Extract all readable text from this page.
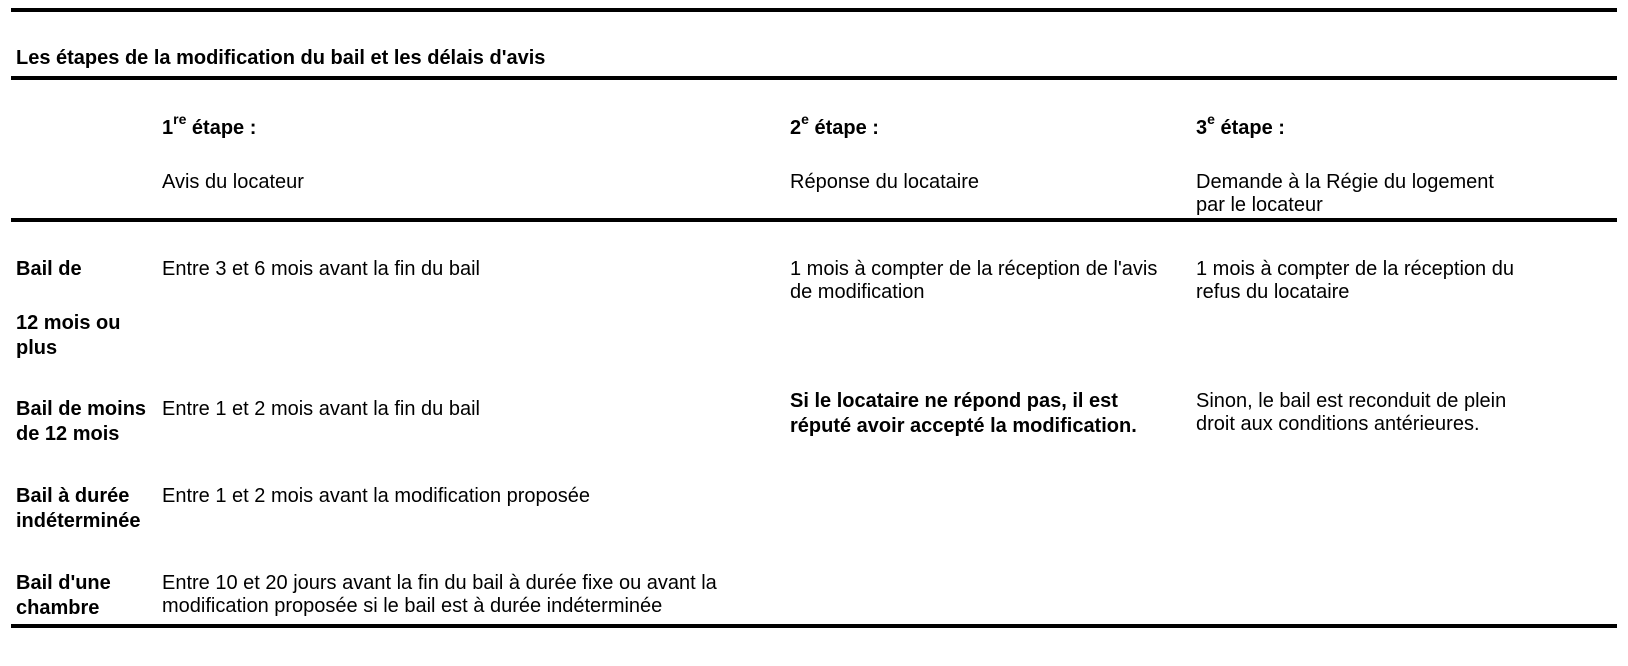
Les étapes de la modification du bail et les délais d'avis
1re étape :
Avis du locateur
2e étape :
Réponse du locataire
3e étape :
Demande à la Régie du logement
par le locateur
Bail de
12 mois ou
plus
Entre 3 et 6 mois avant la fin du bail	1 mois à compter de la réception de l'avis
de modification
1 mois à compter de la réception du
refus du locataire
Bail de moins
de 12 mois
Entre 1 et 2 mois avant la fin du bail	Si le locataire ne répond pas, il est
réputé avoir accepté la modification.
Sinon, le bail est reconduit de plein
droit aux conditions antérieures.
Bail à durée
indéterminée
Entre 1 et 2 mois avant la modification proposée
Bail d'une
chambre
Entre 10 et 20 jours avant la fin du bail à durée fixe ou avant la
modification proposée si le bail est à durée indéterminée
